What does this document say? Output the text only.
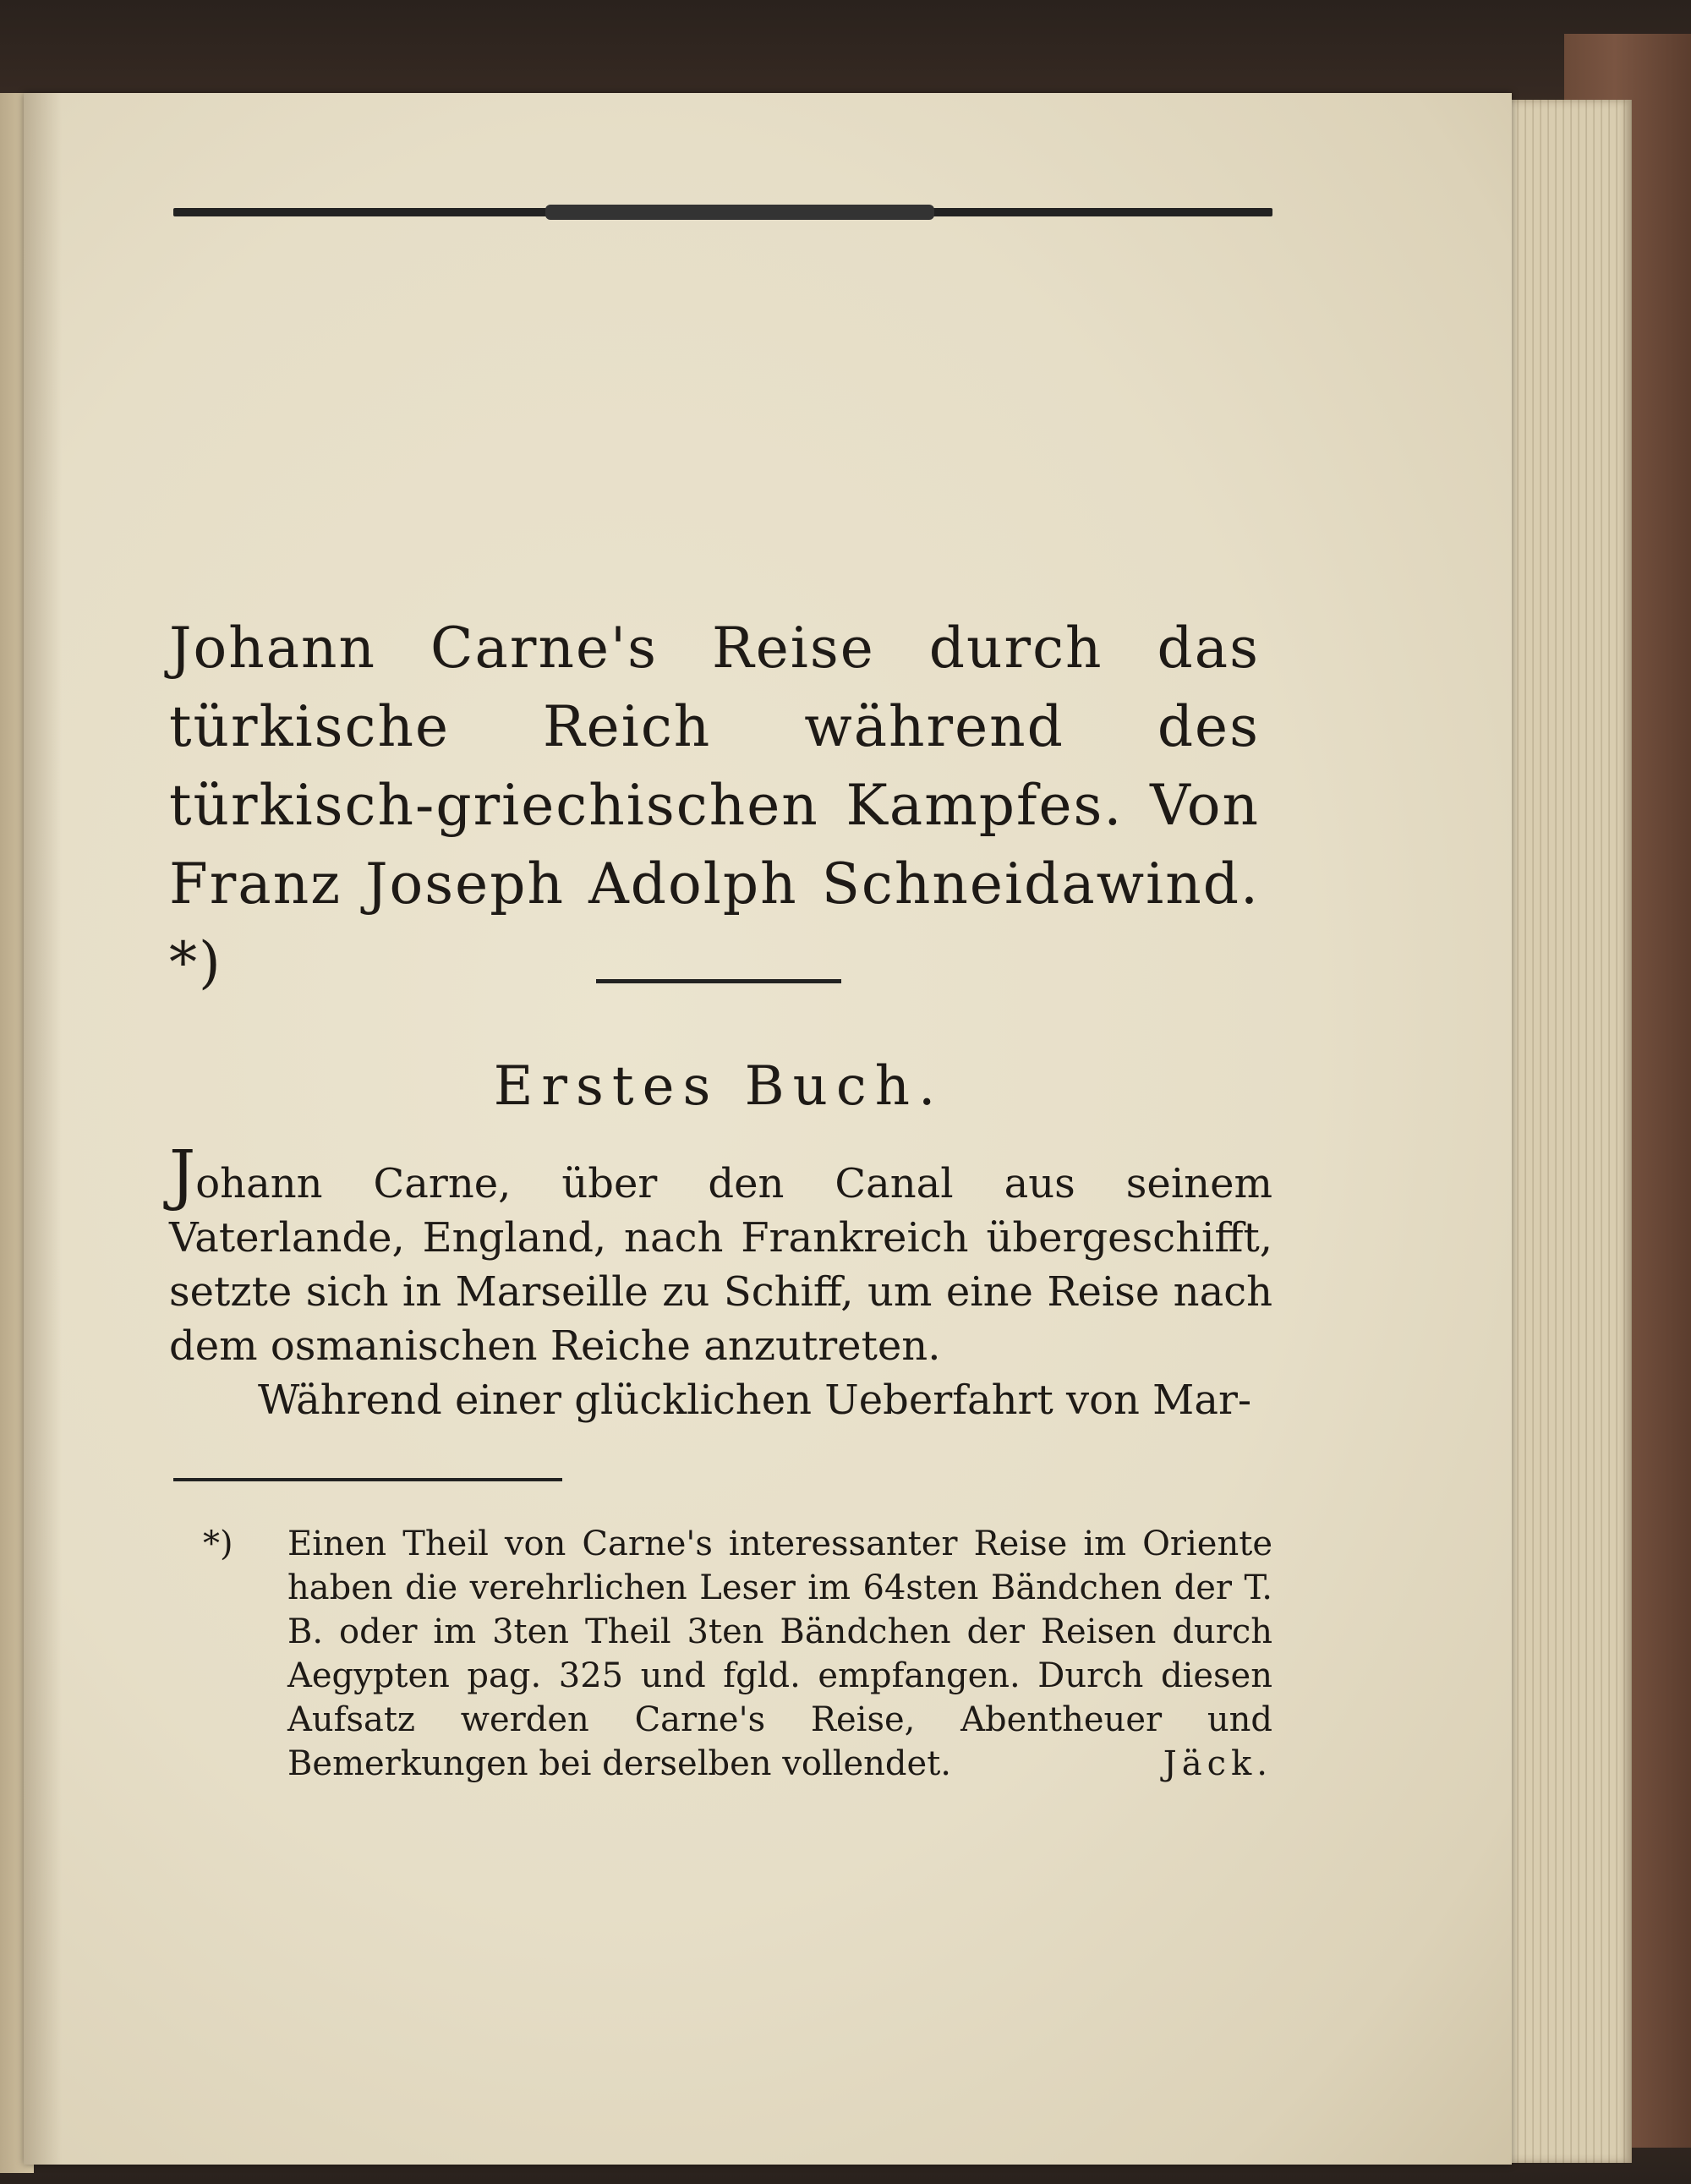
Johann Carne's Reise durch das türkische Reich während des türkisch-griechischen Kampfes. Von Franz Joseph Adolph Schneidawind. *)
Erstes Buch.

Johann Carne, über den Canal aus seinem Vaterlande, England, nach Frankreich übergeschifft, setzte sich in Marseille zu Schiff, um eine Reise nach dem osmanischen Reiche anzutreten.

Während einer glücklichen Ueberfahrt von Mar-

*) Einen Theil von Carne's interessanter Reise im Oriente haben die verehrlichen Leser im 64sten Bändchen der T. B. oder im 3ten Theil 3ten Bändchen der Reisen durch Aegypten pag. 325 und fgld. empfangen. Durch diesen Aufsatz werden Carne's Reise, Abentheuer und Bemerkungen bei derselben vollendet.	Jäck.
